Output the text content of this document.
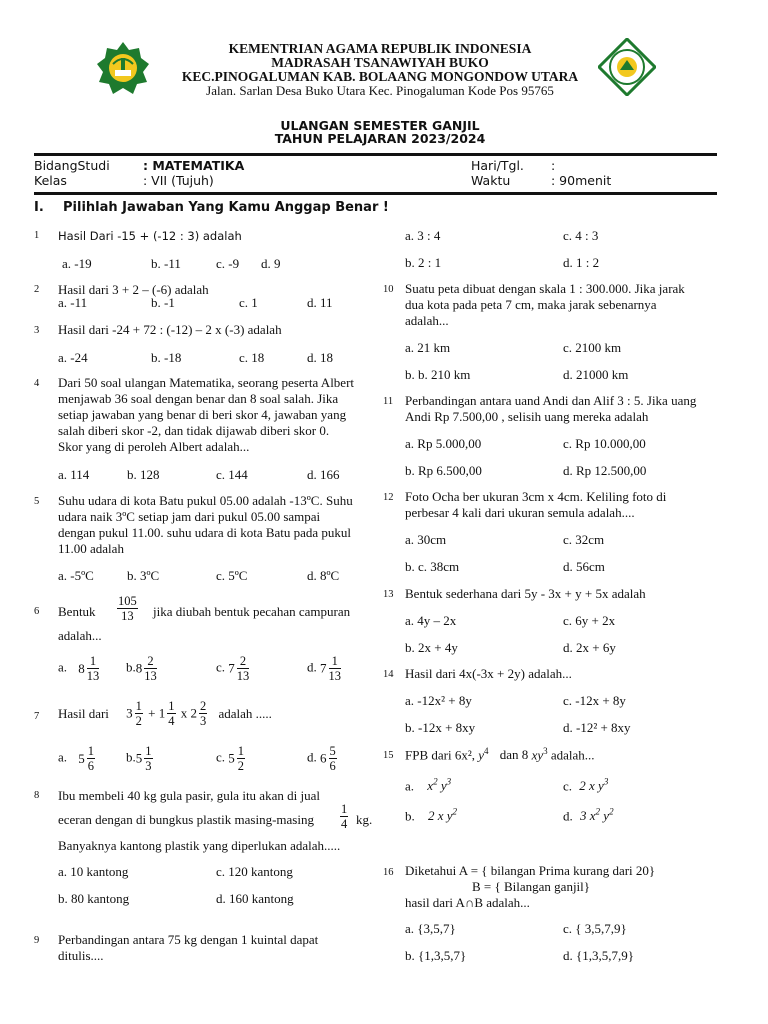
KEMENTRIAN AGAMA REPUBLIK INDONESIA
MADRASAH TSANAWIYAH BUKO
KEC.PINOGALUMAN KAB. BOLAANG MONGONDOW UTARA
Jalan. Sarlan Desa Buko Utara Kec. Pinogaluman Kode Pos 95765
ULANGAN SEMESTER GANJIL
TAHUN PELAJARAN 2023/2024
BidangStudi	: MATEMATIKA
Kelas	: VII (Tujuh)
Hari/Tgl. :
Waktu	: 90menit
I. Pilihlah Jawaban Yang Kamu Anggap Benar !
1 Hasil Dari -15 + (-12 : 3) adalah
a. -19	b. -11	c. -9 d. 9
2 Hasil dari 3 + 2 – (-6) adalah
a. -11	b. -1	c. 1	d. 11
3 Hasil dari -24 + 72 : (-12) – 2 x (-3) adalah
a. -24	b. -18	c. 18	d. 18
4 Dari 50 soal ulangan Matematika, seorang peserta Albert
menjawab 36 soal dengan benar dan 8 soal salah. Jika
setiap jawaban yang benar di beri skor 4, jawaban yang
salah diberi skor -2, dan tidak dijawab diberi skor 0.
Skor yang di peroleh Albert adalah...
a. 114	b. 128	c. 144	d. 166
5 Suhu udara di kota Batu pukul 05.00 adalah -13ºC. Suhu
udara naik 3ºC setiap jam dari pukul 05.00 sampai
dengan pukul 11.00. suhu udara di kota Batu pada pukul
11.00 adalah
a. -5ºC	b. 3ºC	c. 5ºC	d. 8ºC
6 Bentuk $\frac{105}{13}$ jika diubah bentuk pecahan campuran
adalah...
a. $8 \frac{1}{13} b.8 \frac{2}{13}$	c. $7 \frac{2}{13}$	d. $7 \frac{1}{13}$
7 Hasil dari $3 \frac{1}{2} + 1 \frac{1}{4}$ x $2 \frac{2}{3}$ adalah .....
a. $5 \frac{1}{6} b.5 \frac{1}{3}$	c. $5 \frac{1}{2}$	d. $6 \frac{5}{6}$
8 Ibu membeli 40 kg gula pasir, gula itu akan di jual
eceran dengan di bungkus plastik $masing-masing \frac{1}{4}$ kg.
Banyaknya kantong plastik yang diperlukan adalah.....
a. 10 kantong	c. 120 kantong
b. 80 kantong	d. 160 kantong
9 Perbandingan antara 75 kg dengan 1 kuintal dapat
ditulis....
a. 3 : 4	c. 4 : 3
b. 2 : 1	d. 1 : 2
10 Suatu peta dibuat dengan skala 1 : 300.000. Jika jarak
dua kota pada peta 7 cm, maka jarak sebenarnya
adalah...
a. 21 km	c. 2100 km
b. b. 210 km	d. 21000 km
11 Perbandingan antara uand Andi dan Alif 3 : 5. Jika uang
Andi Rp 7.500,00 , selisih uang mereka adalah
a. Rp 5.000,00	c. Rp 10.000,00
b. Rp 6.500,00	d. Rp 12.500,00
12 Foto Ocha ber ukuran 3cm x 4cm. Keliling foto di
perbesar 4 kali dari ukuran semula adalah....
a. 30cm	c. 32cm
b. c. 38cm	d. 56cm
13 Bentuk sederhana dari 5y - 3x + y + 5x adalah
a. 4y – 2x	c. 6y + 2x
b. 2x + 4y	d. 2x + 6y
14 Hasil dari 4x(-3x + 2y) adalah...
a. -12x² + 8y	c. -12x + 8y
b. -12x + 8xy	d. -12² + 8xy
15 FPB dari 6x², $y^4$ dan 8 $xy^3$ adalah...
a. $x^2$ $y^3$	c. 2 x $y^3$
b. 2 x $y^2$	d. 3 $x^2$ $y^2$
16 Diketahui A = { bilangan Prima kurang dari 20}
B = { Bilangan ganjil}
hasil dari A∩B adalah...
a. {3,5,7}	c. { 3,5,7,9}
b. {1,3,5,7}	d. {1,3,5,7,9}
